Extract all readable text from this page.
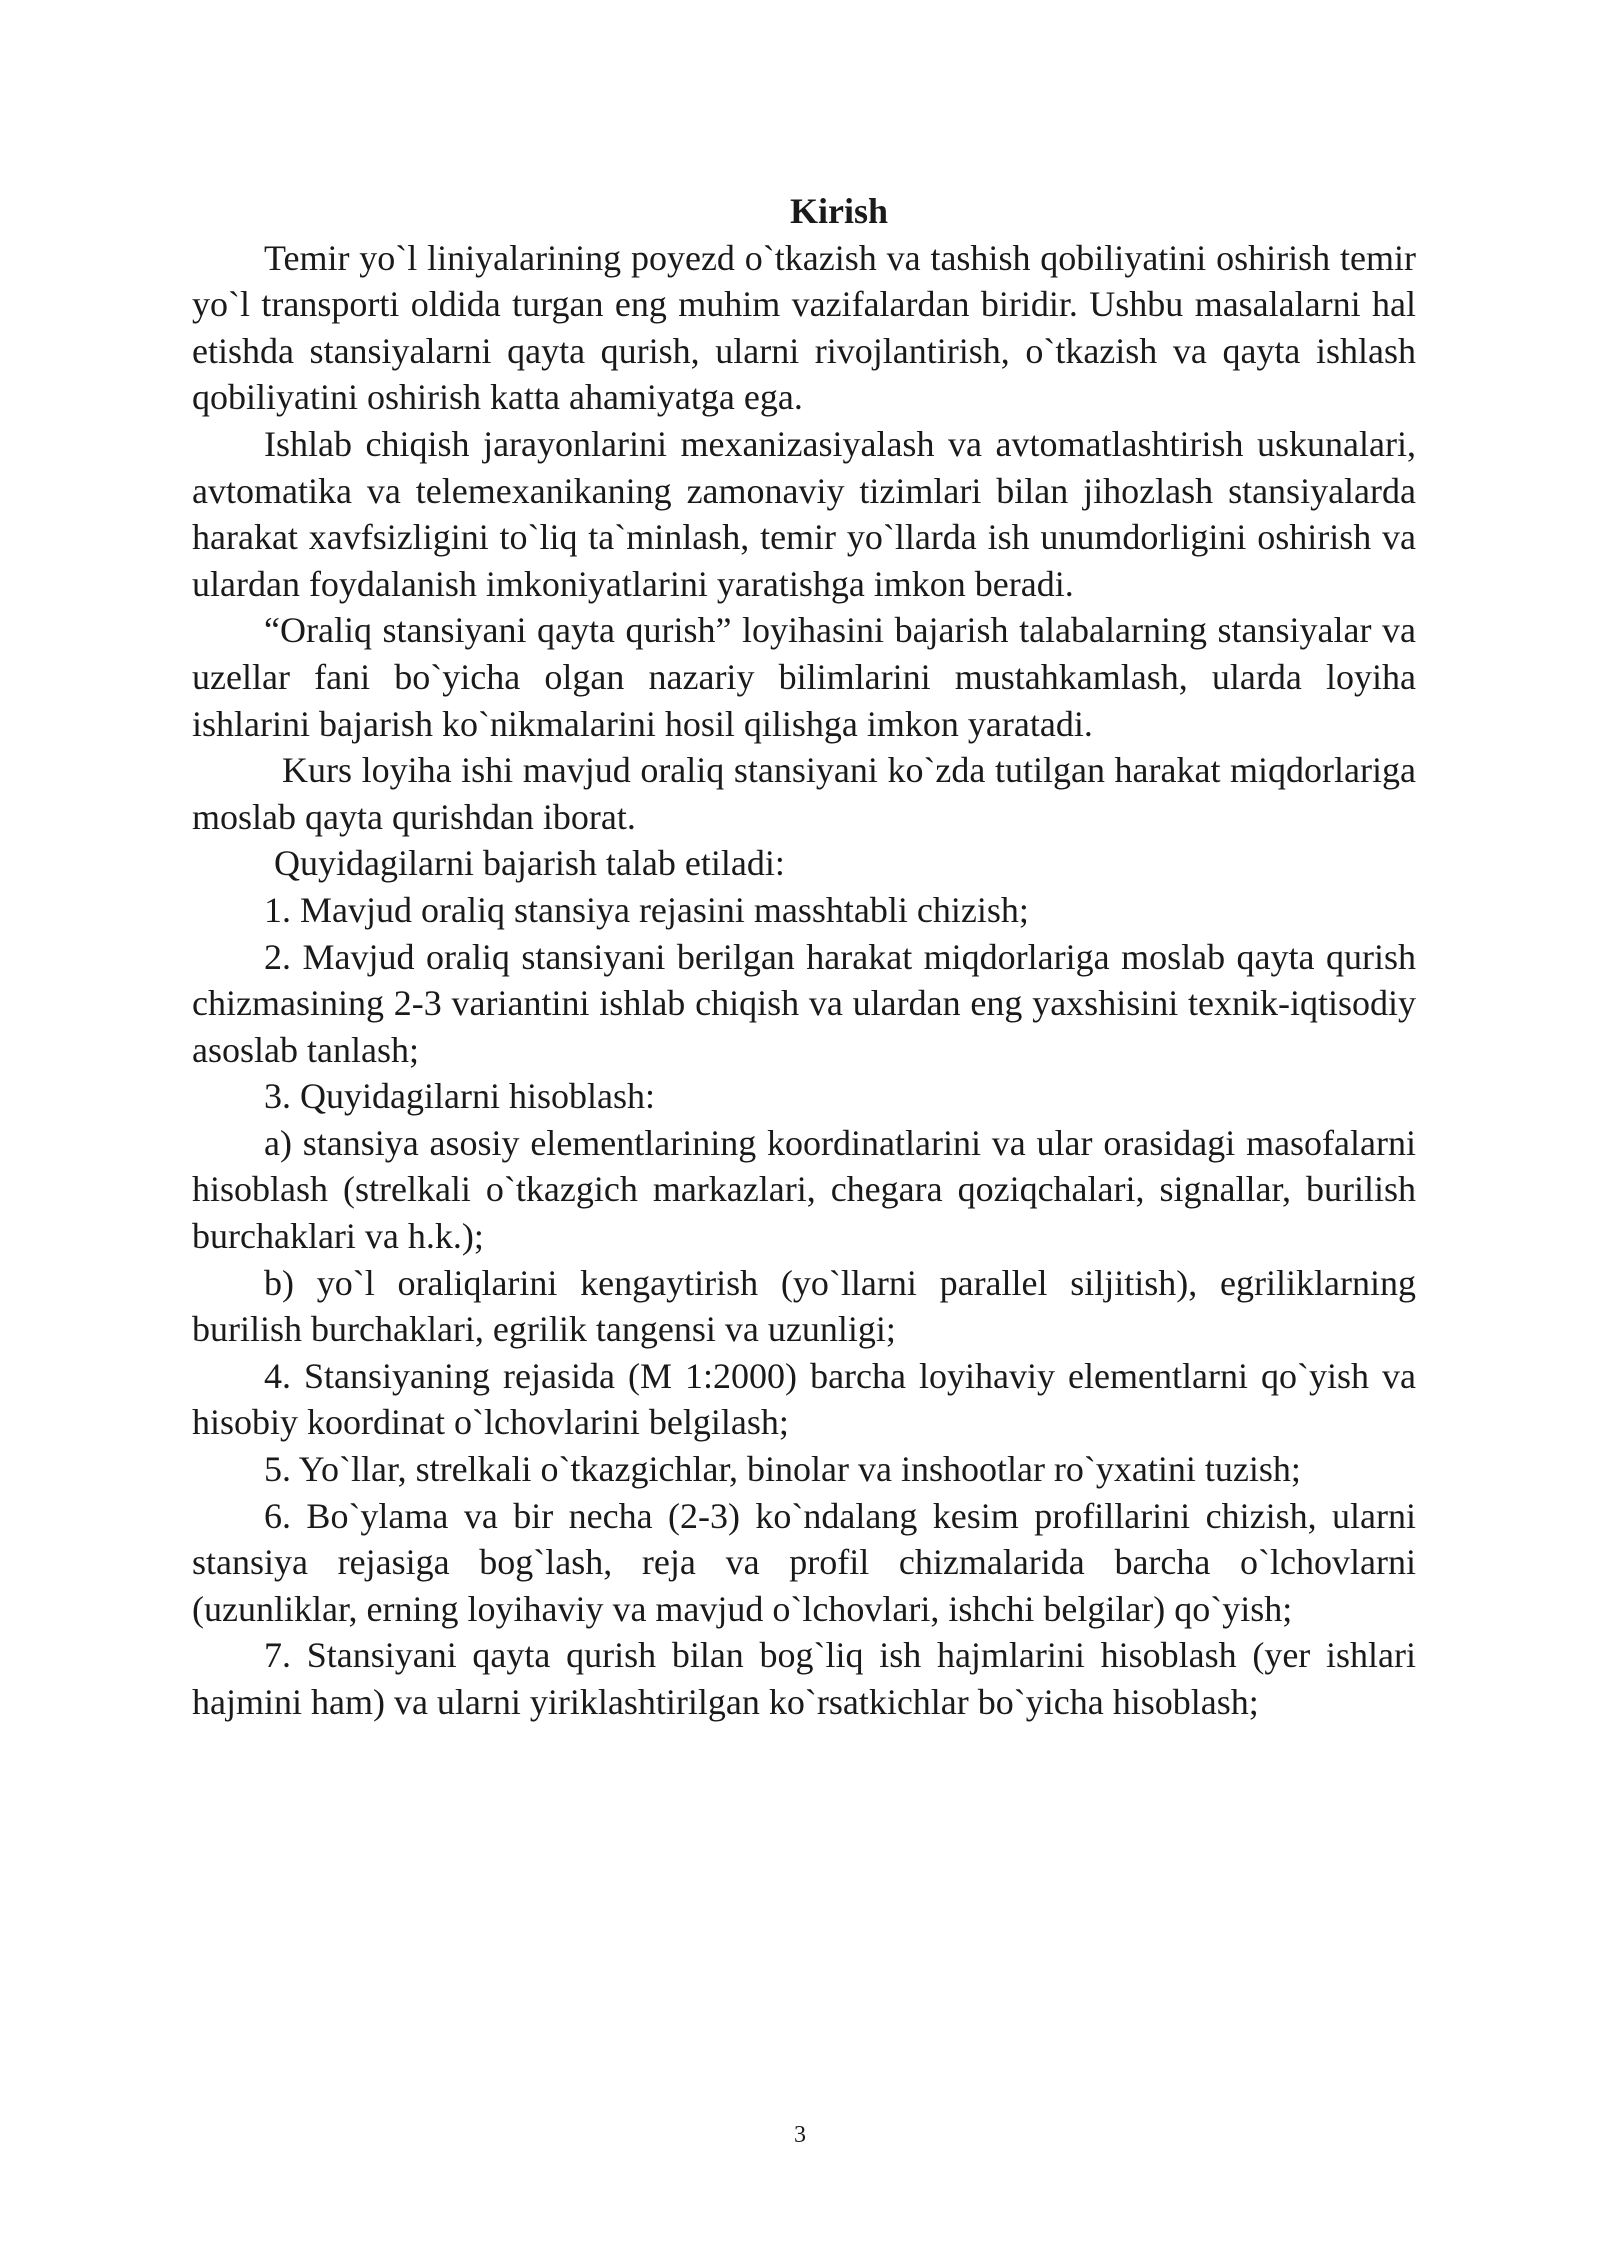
Kirish

Temir yo`l liniyalarining poyezd o`tkazish va tashish qobiliyatini oshirish temir yo`l transporti oldida turgan eng muhim vazifalardan biridir. Ushbu masalalarni hal etishda stansiyalarni qayta qurish, ularni rivojlantirish, o`tkazish va qayta ishlash qobiliyatini oshirish katta ahamiyatga ega.

Ishlab chiqish jarayonlarini mexanizasiyalash va avtomatlashtirish uskunalari, avtomatika va telemexanikaning zamonaviy tizimlari bilan jihozlash stansiyalarda harakat xavfsizligini to`liq ta`minlash, temir yo`llarda ish unumdorligini oshirish va ulardan foydalanish imkoniyatlarini yaratishga imkon beradi.

“Oraliq stansiyani qayta qurish” loyihasini bajarish talabalarning stansiyalar va uzellar fani bo`yicha olgan nazariy bilimlarini mustahkamlash, ularda loyiha ishlarini bajarish ko`nikmalarini hosil qilishga imkon yaratadi.

Kurs loyiha ishi mavjud oraliq stansiyani ko`zda tutilgan harakat miqdorlariga moslab qayta qurishdan iborat.

Quyidagilarni bajarish talab etiladi:

1. Mavjud oraliq stansiya rejasini masshtabli chizish;

2. Mavjud oraliq stansiyani berilgan harakat miqdorlariga moslab qayta qurish chizmasining 2-3 variantini ishlab chiqish va ulardan eng yaxshisini texnik-iqtisodiy asoslab tanlash;

3. Quyidagilarni hisoblash:

a) stansiya asosiy elementlarining koordinatlarini va ular orasidagi masofalarni hisoblash (strelkali o`tkazgich markazlari, chegara qoziqchalari, signallar, burilish burchaklari va h.k.);

b) yo`l oraliqlarini kengaytirish (yo`llarni parallel siljitish), egriliklarning burilish burchaklari, egrilik tangensi va uzunligi;

4. Stansiyaning rejasida (M 1:2000) barcha loyihaviy elementlarni qo`yish va hisobiy koordinat o`lchovlarini belgilash;

5. Yo`llar, strelkali o`tkazgichlar, binolar va inshootlar ro`yxatini tuzish;

6. Bo`ylama va bir necha (2-3) ko`ndalang kesim profillarini chizish, ularni stansiya rejasiga bog`lash, reja va profil chizmalarida barcha o`lchovlarni (uzunliklar, erning loyihaviy va mavjud o`lchovlari, ishchi belgilar) qo`yish;

7. Stansiyani qayta qurish bilan bog`liq ish hajmlarini hisoblash (yer ishlari hajmini ham) va ularni yiriklashtirilgan ko`rsatkichlar bo`yicha hisoblash;

3
